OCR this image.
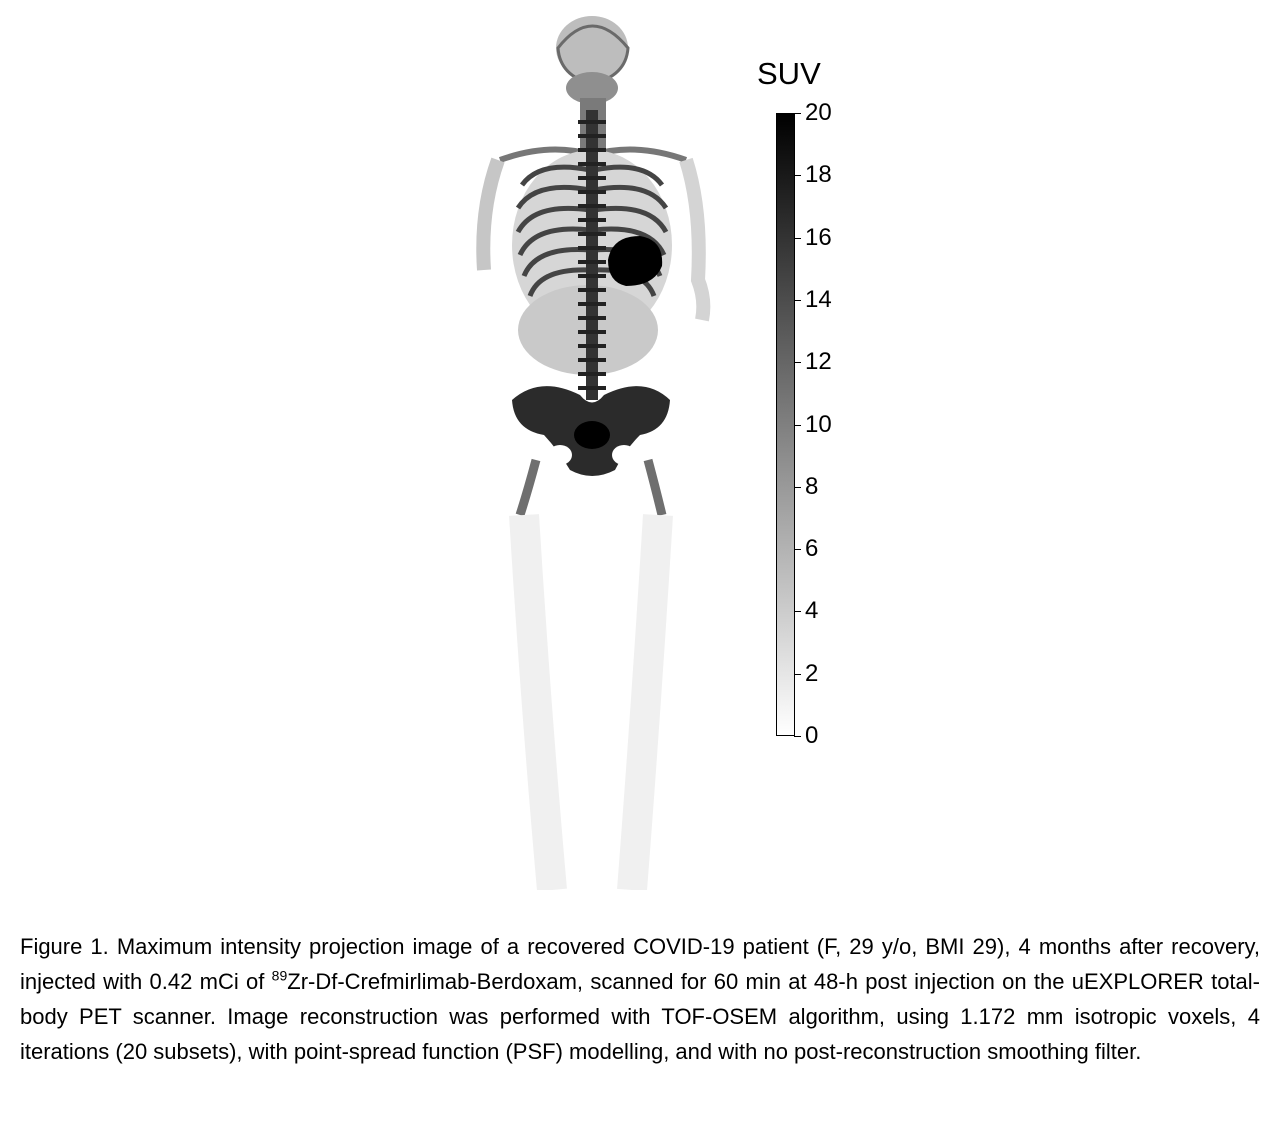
SUV
20
18
16
14
12
10
8
6
4
2
0

Figure 1. Maximum intensity projection image of a recovered COVID-19 patient (F, 29 y/o, BMI 29), 4 months after recovery, injected with 0.42 mCi of $^{89}$Zr-Df-Crefmirlimab-Berdoxam, scanned for 60 min at 48-h post injection on the uEXPLORER total-body PET scanner. Image reconstruction was performed with TOF-OSEM algorithm, using 1.172 mm isotropic voxels, 4 iterations (20 subsets), with point-spread function (PSF) modelling, and with no post-reconstruction smoothing filter.
